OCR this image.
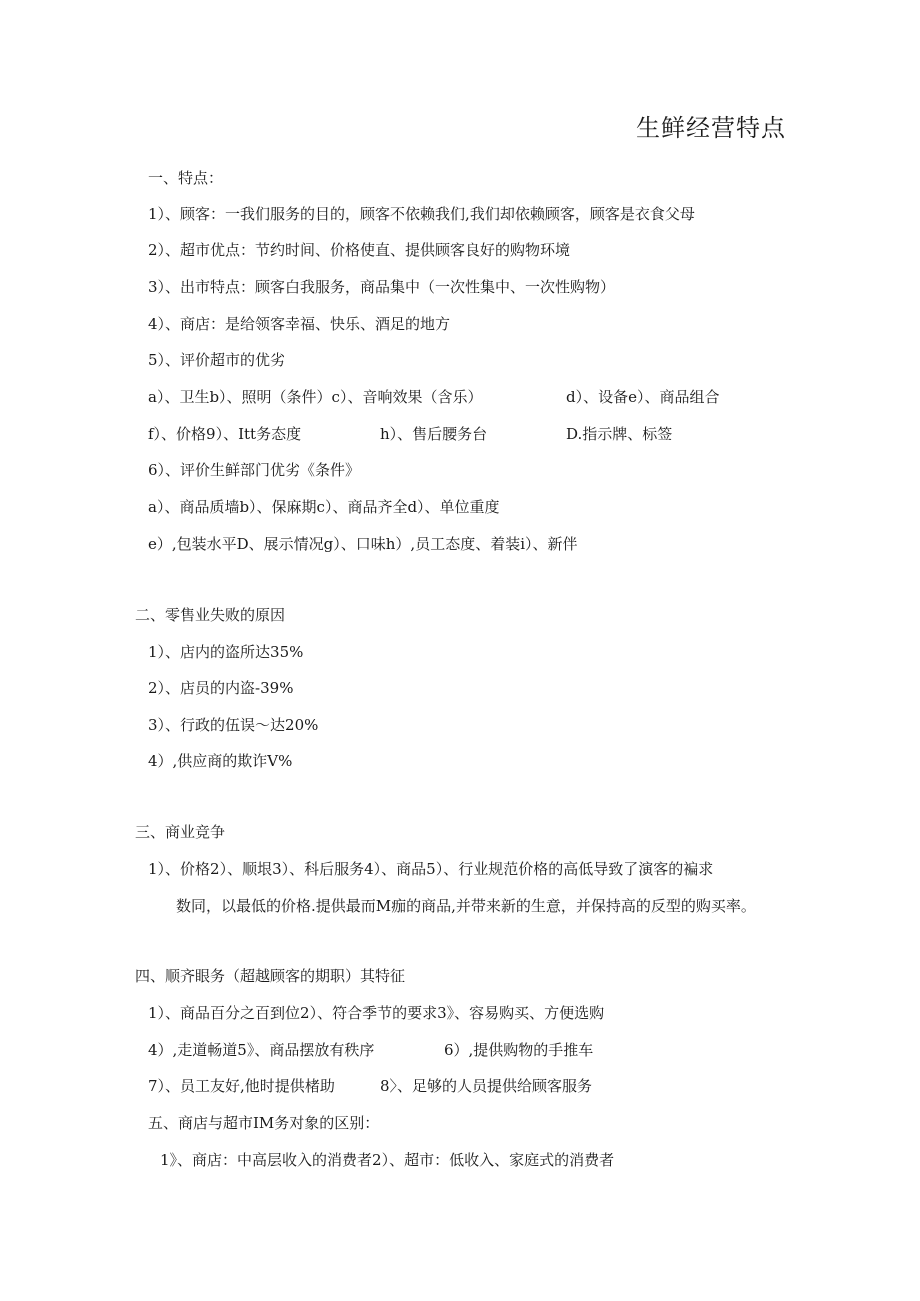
生鲜经营特点
一、特点：
1）、顾客：一我们服务的目的，顾客不依赖我们,我们却依赖顾客，顾客是衣食父母
2）、超市优点：节约时间、价格使直、提供顾客良好的购物环境
3）、出市特点：顾客白我服务，商品集中（一次性集中、一次性购物）
4）、商店：是给领客幸福、快乐、酒足的地方
5）、评价超市的优劣
a）、卫生b）、照明（条件）c）、音响效果（含乐）	d）、设备e）、商品组合
f）、价格9）、Itt务态度	h）、售后腰务台	D.指示牌、标签
6）、评价生鲜部门优劣《条件》
a）、商品质墙b）、保麻期c）、商品齐全d）、单位重度
e）,包装水平D、展示情况g）、口味h）,员工态度、着装i）、新伴
二、零售业失败的原因
1）、店内的盗所达35%
2）、店员的内盗-39%
3）、行政的伍误〜达20%
4）,供应商的欺诈V%
三、商业竞争
1）、价格2）、顺垠3）、科后服务4）、商品5）、行业规范价格的高低导致了演客的褊求
数同，以最低的价格.提供最而M痂的商品,并带来新的生意，并保持高的反型的购买率。
四、顺齐眼务（超越顾客的期职）其特征
1）、商品百分之百到位2）、符合季节的要求3》、容易购买、方便选购
4）,走道畅道5》、商品摆放有秩序	6）,提供购物的手推车
7）、员工友好,他时提供楮助	8〉、足够的人员提供给顾客服务
五、商店与超市IM务对象的区别：
1》、商店：中高层收入的消费者2）、超市：低收入、家庭式的消费者
